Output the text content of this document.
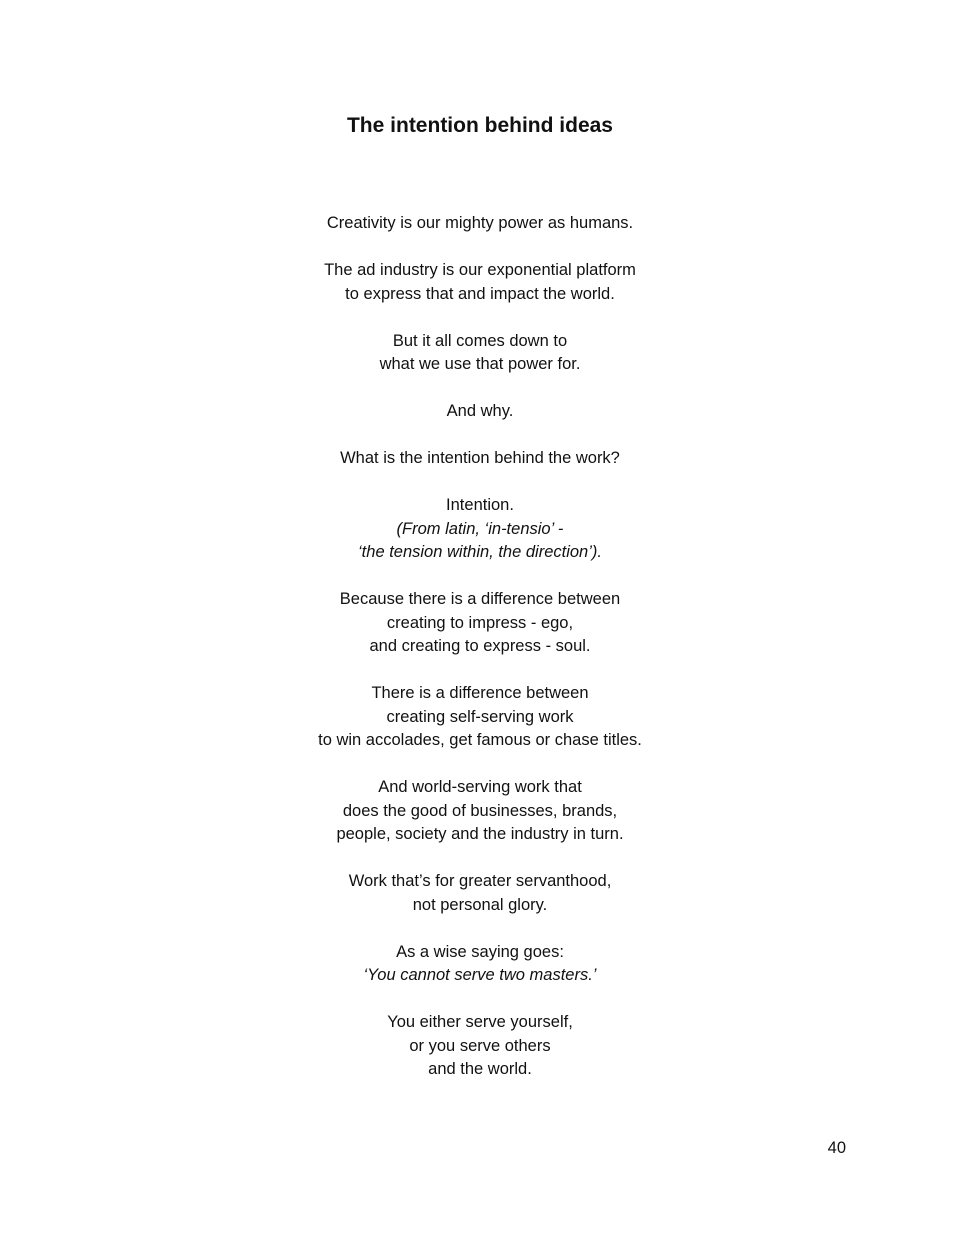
The intention behind ideas

Creativity is our mighty power as humans.

The ad industry is our exponential platform
to express that and impact the world.

But it all comes down to
what we use that power for.

And why.

What is the intention behind the work?

Intention.
(From latin, ‘in-tensio’ -
‘the tension within, the direction’).

Because there is a difference between
creating to impress - ego,
and creating to express - soul.

There is a difference between
creating self-serving work
to win accolades, get famous or chase titles.

And world-serving work that
does the good of businesses, brands,
people, society and the industry in turn.

Work that’s for greater servanthood,
not personal glory.

As a wise saying goes:
‘You cannot serve two masters.’

You either serve yourself,
or you serve others
and the world.

40
